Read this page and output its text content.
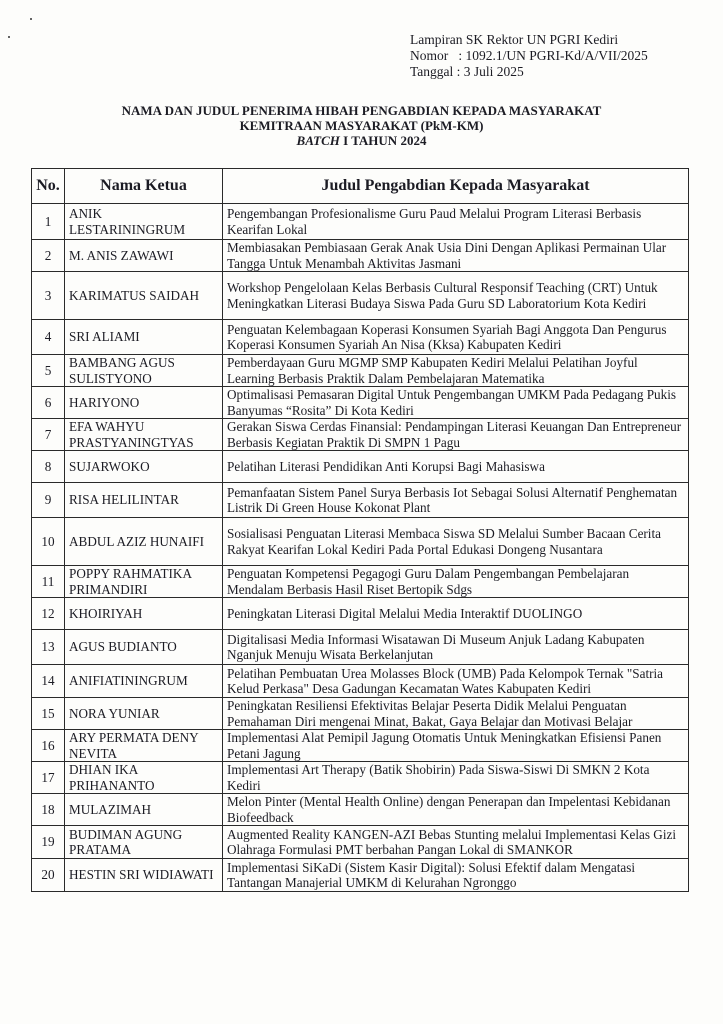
Lampiran SK Rektor UN PGRI Kediri
Nomor   : 1092.1/UN PGRI-Kd/A/VII/2025
Tanggal : 3 Juli 2025
NAMA DAN JUDUL PENERIMA HIBAH PENGABDIAN KEPADA MASYARAKAT
KEMITRAAN MASYARAKAT (PkM-KM)
BATCH I TAHUN 2024
No.	Nama Ketua	Judul Pengabdian Kepada Masyarakat
1	ANIK LESTARININGRUM	Pengembangan Profesionalisme Guru Paud Melalui Program Literasi Berbasis Kearifan Lokal
2	M. ANIS ZAWAWI	Membiasakan Pembiasaan Gerak Anak Usia Dini Dengan Aplikasi Permainan Ular Tangga Untuk Menambah Aktivitas Jasmani
3	KARIMATUS SAIDAH	Workshop Pengelolaan Kelas Berbasis Cultural Responsif Teaching (CRT) Untuk Meningkatkan Literasi Budaya Siswa Pada Guru SD Laboratorium Kota Kediri
4	SRI ALIAMI	Penguatan Kelembagaan Koperasi Konsumen Syariah Bagi Anggota Dan Pengurus Koperasi Konsumen Syariah An Nisa (Kksa) Kabupaten Kediri
5	BAMBANG AGUS SULISTYONO	Pemberdayaan Guru MGMP SMP Kabupaten Kediri Melalui Pelatihan Joyful Learning Berbasis Praktik Dalam Pembelajaran Matematika
6	HARIYONO	Optimalisasi Pemasaran Digital Untuk Pengembangan UMKM Pada Pedagang Pukis Banyumas “Rosita” Di Kota Kediri
7	EFA WAHYU PRASTYANINGTYAS	Gerakan Siswa Cerdas Finansial: Pendampingan Literasi Keuangan Dan Entrepreneur Berbasis Kegiatan Praktik Di SMPN 1 Pagu
8	SUJARWOKO	Pelatihan Literasi Pendidikan Anti Korupsi Bagi Mahasiswa
9	RISA HELILINTAR	Pemanfaatan Sistem Panel Surya Berbasis Iot Sebagai Solusi Alternatif Penghematan Listrik Di Green House Kokonat Plant
10	ABDUL AZIZ HUNAIFI	Sosialisasi Penguatan Literasi Membaca Siswa SD Melalui Sumber Bacaan Cerita Rakyat Kearifan Lokal Kediri Pada Portal Edukasi Dongeng Nusantara
11	POPPY RAHMATIKA PRIMANDIRI	Penguatan Kompetensi Pegagogi Guru Dalam Pengembangan Pembelajaran Mendalam Berbasis Hasil Riset Bertopik Sdgs
12	KHOIRIYAH	Peningkatan Literasi Digital Melalui Media Interaktif DUOLINGO
13	AGUS BUDIANTO	Digitalisasi Media Informasi Wisatawan Di Museum Anjuk Ladang Kabupaten Nganjuk Menuju Wisata Berkelanjutan
14	ANIFIATININGRUM	Pelatihan Pembuatan Urea Molasses Block (UMB) Pada Kelompok Ternak "Satria Kelud Perkasa" Desa Gadungan Kecamatan Wates Kabupaten Kediri
15	NORA YUNIAR	Peningkatan Resiliensi Efektivitas Belajar Peserta Didik Melalui Penguatan Pemahaman Diri mengenai Minat, Bakat, Gaya Belajar dan Motivasi Belajar
16	ARY PERMATA DENY NEVITA	Implementasi Alat Pemipil Jagung Otomatis Untuk Meningkatkan Efisiensi Panen Petani Jagung
17	DHIAN IKA PRIHANANTO	Implementasi Art Therapy (Batik Shobirin) Pada Siswa-Siswi Di SMKN 2 Kota Kediri
18	MULAZIMAH	Melon Pinter (Mental Health Online) dengan Penerapan dan Impelentasi Kebidanan Biofeedback
19	BUDIMAN AGUNG PRATAMA	Augmented Reality KANGEN-AZI Bebas Stunting melalui Implementasi Kelas Gizi Olahraga Formulasi PMT berbahan Pangan Lokal di SMANKOR
20	HESTIN SRI WIDIAWATI	Implementasi SiKaDi (Sistem Kasir Digital): Solusi Efektif dalam Mengatasi Tantangan Manajerial UMKM di Kelurahan Ngronggo
